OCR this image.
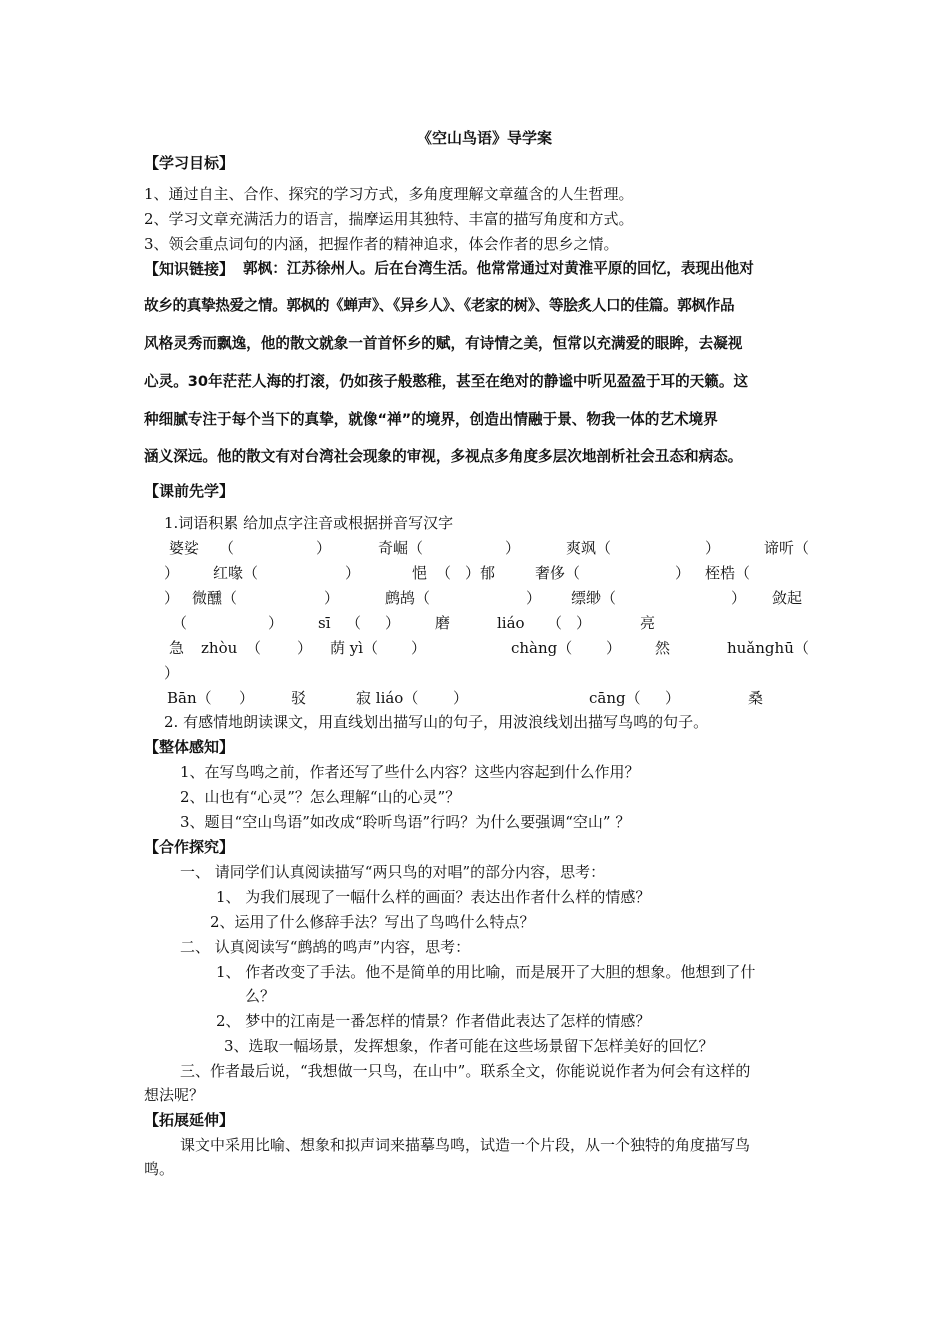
《空山鸟语》导学案
【学习目标】
1、通过自主、合作、探究的学习方式，多角度理解文章蕴含的人生哲理。
2、学习文章充满活力的语言，揣摩运用其独特、丰富的描写角度和方式。
3、领会重点词句的内涵，把握作者的精神追求，体会作者的思乡之情。
【知识链接】 郭枫：江苏徐州人。后在台湾生活。他常常通过对黄淮平原的回忆，表现出他对
故乡的真挚热爱之情。郭枫的《蝉声》、《异乡人》、《老家的树》、等脍炙人口的佳篇。郭枫作品
风格灵秀而飘逸，他的散文就象一首首怀乡的赋，有诗情之美，恒常以充满爱的眼眸，去凝视
心灵。30年茫茫人海的打滚，仍如孩子般憨稚，甚至在绝对的静谧中听见盈盈于耳的天籁。这
种细腻专注于每个当下的真挚，就像“禅”的境界，创造出情融于景、物我一体的艺术境界
涵义深远。他的散文有对台湾社会现象的审视，多视点多角度多层次地剖析社会丑态和病态。
【课前先学】
1.词语积累 给加点字注音或根据拼音写汉字
婆娑 （	）	奇崛（	）	爽飒（	）	谛听（
） 红喙（	）	悒 （ ）郁	奢侈（	） 桎梏（
） 微醺（	）	鹧鸪（	） 缥缈（	） 敛起
（	） sī （ ） 磨	liáo （ ）	亮
急 zhòu （ ） 荫 yì（ ）	chàng（ ） 然	huǎnghū （
）
Bān（ ） 驳	寂 liáo（ ）	cāng（ ）	桑
2. 有感情地朗读课文，用直线划出描写山的句子，用波浪线划出描写鸟鸣的句子。
【整体感知】
1、在写鸟鸣之前，作者还写了些什么内容？这些内容起到什么作用？
2、山也有“心灵”？怎么理解“山的心灵”？
3、题目“空山鸟语”如改成“聆听鸟语”行吗？为什么要强调“空山” ？
【合作探究】
一、 请同学们认真阅读描写“两只鸟的对唱”的部分内容，思考：
1、 为我们展现了一幅什么样的画面？表达出作者什么样的情感？
2、运用了什么修辞手法？写出了鸟鸣什么特点？
二、 认真阅读写“鹧鸪的鸣声”内容，思考：
1、 作者改变了手法。他不是简单的用比喻，而是展开了大胆的想象。他想到了什
么？
2、 梦中的江南是一番怎样的情景？作者借此表达了怎样的情感？
3、选取一幅场景，发挥想象，作者可能在这些场景留下怎样美好的回忆？
三、作者最后说，“我想做一只鸟，在山中”。联系全文，你能说说作者为何会有这样的
想法呢？
【拓展延伸】
课文中采用比喻、想象和拟声词来描摹鸟鸣，试造一个片段，从一个独特的角度描写鸟
鸣。
